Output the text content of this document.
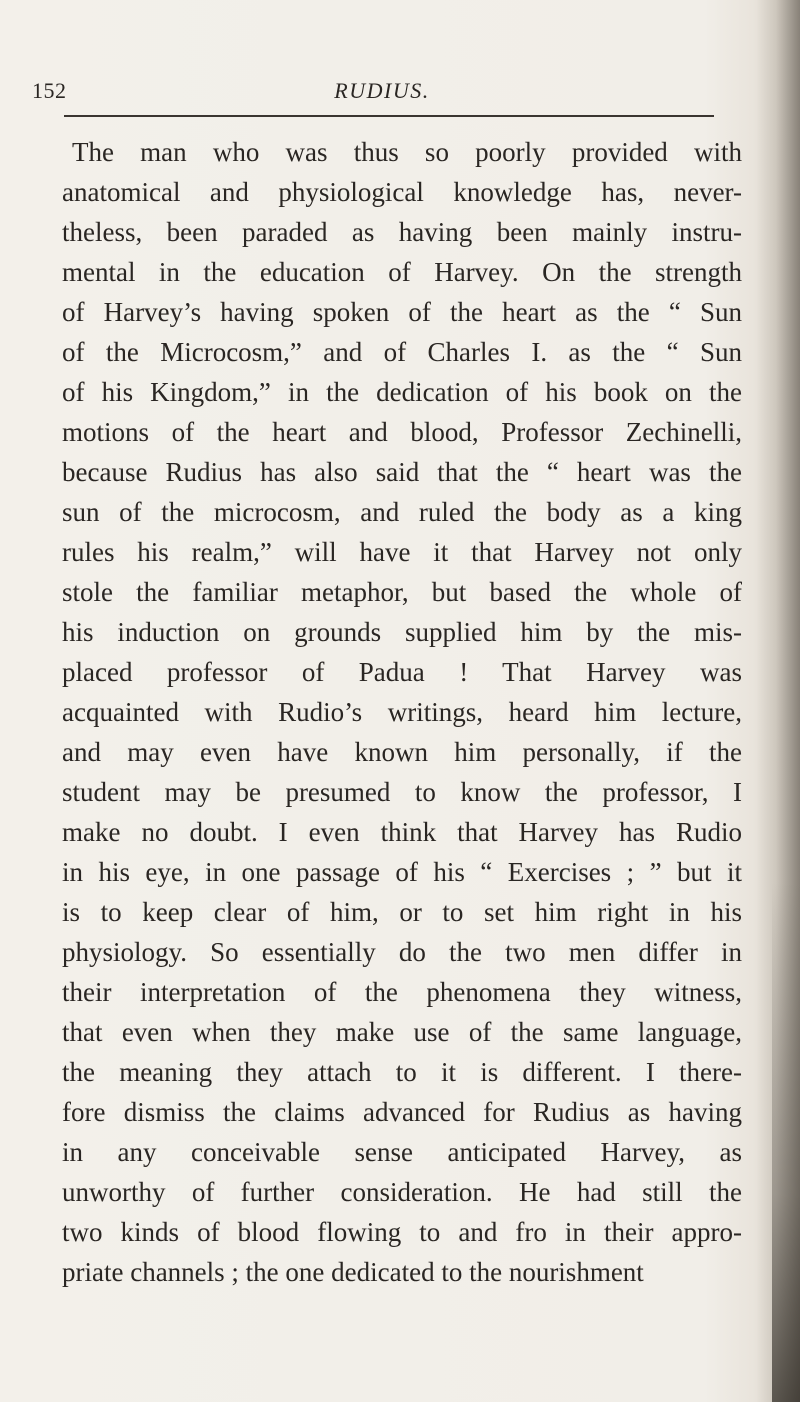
152	RUDIUS.
The man who was thus so poorly provided with
anatomical and physiological knowledge has, never-
theless, been paraded as having been mainly instru-
mental in the education of Harvey. On the strength
of Harvey’s having spoken of the heart as the “ Sun
of the Microcosm,” and of Charles I. as the “ Sun
of his Kingdom,” in the dedication of his book on the
motions of the heart and blood, Professor Zechinelli,
because Rudius has also said that the “ heart was the
sun of the microcosm, and ruled the body as a king
rules his realm,” will have it that Harvey not only
stole the familiar metaphor, but based the whole of
his induction on grounds supplied him by the mis-
placed professor of Padua ! That Harvey was
acquainted with Rudio’s writings, heard him lecture,
and may even have known him personally, if the
student may be presumed to know the professor, I
make no doubt. I even think that Harvey has Rudio
in his eye, in one passage of his “ Exercises ; ” but it
is to keep clear of him, or to set him right in his
physiology. So essentially do the two men differ in
their interpretation of the phenomena they witness,
that even when they make use of the same language,
the meaning they attach to it is different. I there-
fore dismiss the claims advanced for Rudius as having
in any conceivable sense anticipated Harvey, as
unworthy of further consideration. He had still the
two kinds of blood flowing to and fro in their appro-
priate channels ; the one dedicated to the nourishment
